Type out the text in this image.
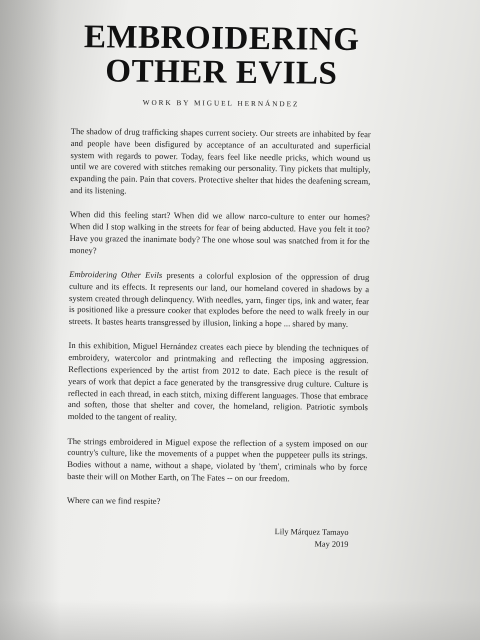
EMBROIDERING
OTHER EVILS
WORK BY MIGUEL HERNÁNDEZ

The shadow of drug trafficking shapes current society. Our streets are inhabited by fear and people have been disfigured by acceptance of an acculturated and superficial system with regards to power. Today, fears feel like needle pricks, which wound us until we are covered with stitches remaking our personality. Tiny pickets that multiply, expanding the pain. Pain that covers. Protective shelter that hides the deafening scream, and its listening.

When did this feeling start? When did we allow narco-culture to enter our homes? When did I stop walking in the streets for fear of being abducted. Have you felt it too? Have you grazed the inanimate body? The one whose soul was snatched from it for the money?

Embroidering Other Evils presents a colorful explosion of the oppression of drug culture and its effects. It represents our land, our homeland covered in shadows by a system created through delinquency. With needles, yarn, finger tips, ink and water, fear is positioned like a pressure cooker that explodes before the need to walk freely in our streets. It bastes hearts transgressed by illusion, linking a hope ... shared by many.

In this exhibition, Miguel Hernández creates each piece by blending the techniques of embroidery, watercolor and printmaking and reflecting the imposing aggression. Reflections experienced by the artist from 2012 to date. Each piece is the result of years of work that depict a face generated by the transgressive drug culture. Culture is reflected in each thread, in each stitch, mixing different languages. Those that embrace and soften, those that shelter and cover, the homeland, religion. Patriotic symbols molded to the tangent of reality.

The strings embroidered in Miguel expose the reflection of a system imposed on our country's culture, like the movements of a puppet when the puppeteer pulls its strings. Bodies without a name, without a shape, violated by 'them', criminals who by force baste their will on Mother Earth, on The Fates -- on our freedom.

Where can we find respite?

Lily Márquez Tamayo
May 2019
